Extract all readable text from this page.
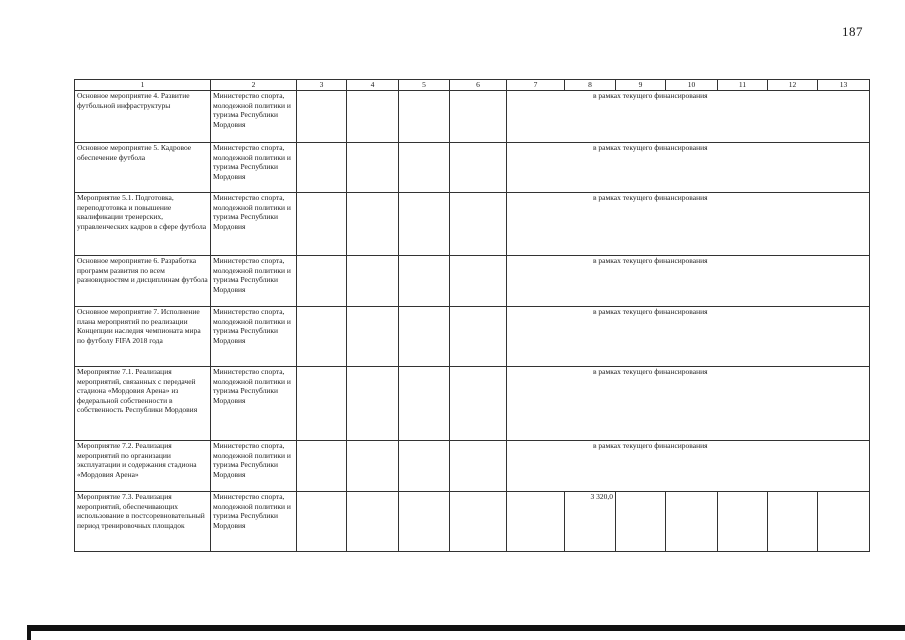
187
1	2	3	4	5	6	7	8	9	10	11	12	13
Основное мероприятие 4. Развитие футбольной инфраструктуры	Министерство спорта, молодежной политики и туризма Республики Мордовия					в рамках текущего финансирования						

Основное мероприятие 5. Кадровое обеспечение футбола	Министерство спорта, молодежной политики и туризма Республики Мордовия					в рамках текущего финансирования						

Мероприятие 5.1. Подготовка, переподготовка и повышение квалификации тренерских, управленческих кадров в сфере футбола	Министерство спорта, молодежной политики и туризма Республики Мордовия					в рамках текущего финансирования						

Основное мероприятие 6. Разработка программ развития по всем разновидностям и дисциплинам футбола	Министерство спорта, молодежной политики и туризма Республики Мордовия					в рамках текущего финансирования						

Основное мероприятие 7. Исполнение плана мероприятий по реализации Концепции наследия чемпионата мира по футболу FIFA 2018 года	Министерство спорта, молодежной политики и туризма Республики Мордовия					в рамках текущего финансирования						

Мероприятие 7.1. Реализация мероприятий, связанных с передачей стадиона «Мордовия Арена» из федеральной собственности в собственность Республики Мордовия	Министерство спорта, молодежной политики и туризма Республики Мордовия					в рамках текущего финансирования						

Мероприятие 7.2. Реализация мероприятий по организации эксплуатации и содержания стадиона «Мордовия Арена»	Министерство спорта, молодежной политики и туризма Республики Мордовия					в рамках текущего финансирования						

Мероприятие 7.3. Реализация мероприятий, обеспечивающих использование в постсоревновательный период тренировочных площадок	Министерство спорта, молодежной политики и туризма Республики Мордовия						3 320,0					
